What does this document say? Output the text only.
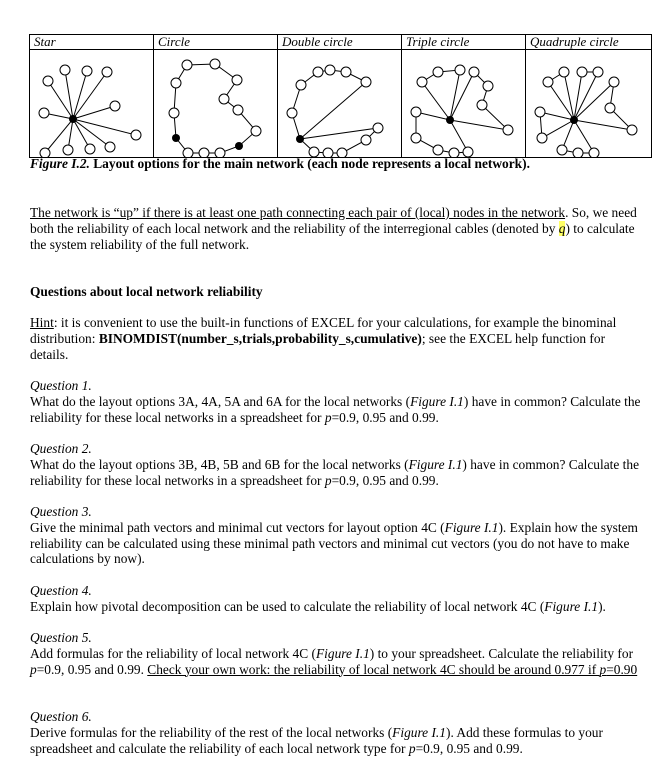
Star	Circle	Double circle	Triple circle	Quadruple circle

Figure I.2. Layout options for the main network (each node represents a local network).
The network is “up” if there is at least one path connecting each pair of (local) nodes in the network. So, we need both the reliability of each local network and the reliability of the interregional cables (denoted by q) to calculate the system reliability of the full network.
Questions about local network reliability
Hint: it is convenient to use the built-in functions of EXCEL for your calculations, for example the binominal distribution: BINOMDIST(number_s,trials,probability_s,cumulative); see the EXCEL help function for details.
Question 1.
What do the layout options 3A, 4A, 5A and 6A for the local networks (Figure I.1) have in common? Calculate the reliability for these local networks in a spreadsheet for p=0.9, 0.95 and 0.99.
Question 2.
What do the layout options 3B, 4B, 5B and 6B for the local networks (Figure I.1) have in common? Calculate the reliability for these local networks in a spreadsheet for p=0.9, 0.95 and 0.99.
Question 3.
Give the minimal path vectors and minimal cut vectors for layout option 4C (Figure I.1). Explain how the system reliability can be calculated using these minimal path vectors and minimal cut vectors (you do not have to make calculations by now).
Question 4.
Explain how pivotal decomposition can be used to calculate the reliability of local network 4C (Figure I.1).
Question 5.
Add formulas for the reliability of local network 4C (Figure I.1) to your spreadsheet. Calculate the reliability for p=0.9, 0.95 and 0.99. Check your own work: the reliability of local network 4C should be around 0.977 if p=0.90
Question 6.
Derive formulas for the reliability of the rest of the local networks (Figure I.1). Add these formulas to your spreadsheet and calculate the reliability of each local network type for p=0.9, 0.95 and 0.99.
